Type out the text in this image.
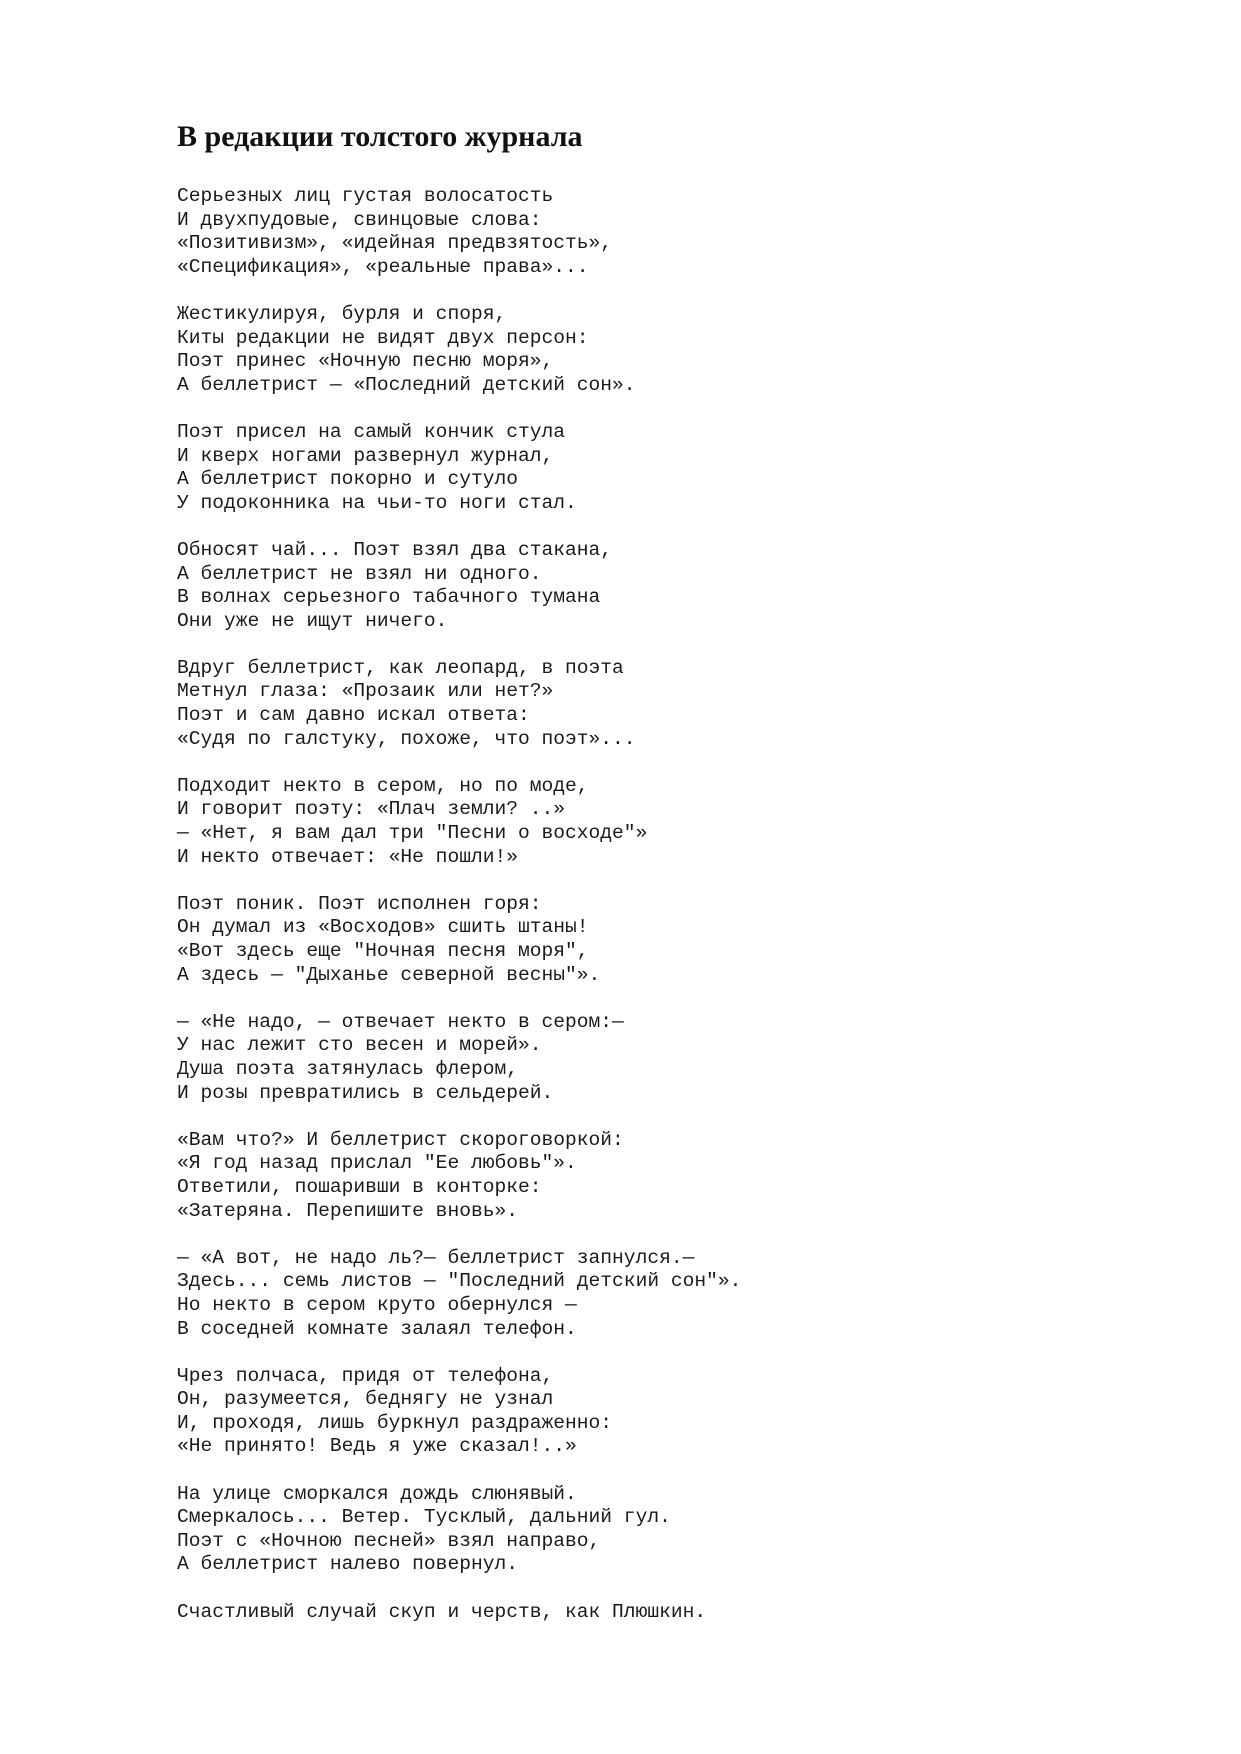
В редакции толстого журнала
Серьезных лиц густая волосатость
И двухпудовые, свинцовые слова:
«Позитивизм», «идейная предвзятость»,
«Спецификация», «реальные права»...
Жестикулируя, бурля и споря,
Киты редакции не видят двух персон:
Поэт принес «Ночную песню моря»,
А беллетрист — «Последний детский сон».
Поэт присел на самый кончик стула
И кверх ногами развернул журнал,
А беллетрист покорно и сутуло
У подоконника на чьи-то ноги стал.
Обносят чай... Поэт взял два стакана,
А беллетрист не взял ни одного.
В волнах серьезного табачного тумана
Они уже не ищут ничего.
Вдруг беллетрист, как леопард, в поэта
Метнул глаза: «Прозаик или нет?»
Поэт и сам давно искал ответа:
«Судя по галстуку, похоже, что поэт»...
Подходит некто в сером, но по моде,
И говорит поэту: «Плач земли? ..»
— «Нет, я вам дал три "Песни о восходе"»
И некто отвечает: «Не пошли!»
Поэт поник. Поэт исполнен горя:
Он думал из «Восходов» сшить штаны!
«Вот здесь еще "Ночная песня моря",
А здесь — "Дыханье северной весны"».
— «Не надо, — отвечает некто в сером:—
У нас лежит сто весен и морей».
Душа поэта затянулась флером,
И розы превратились в сельдерей.
«Вам что?» И беллетрист скороговоркой:
«Я год назад прислал "Ее любовь"».
Ответили, пошаривши в конторке:
«Затеряна. Перепишите вновь».
— «А вот, не надо ль?— беллетрист запнулся.—
Здесь... семь листов — "Последний детский сон"».
Но некто в сером круто обернулся —
В соседней комнате залаял телефон.
Чрез полчаса, придя от телефона,
Он, разумеется, беднягу не узнал
И, проходя, лишь буркнул раздраженно:
«Не принято! Ведь я уже сказал!..»
На улице сморкался дождь слюнявый.
Смеркалось... Ветер. Тусклый, дальний гул.
Поэт с «Ночною песней» взял направо,
А беллетрист налево повернул.
Счастливый случай скуп и черств, как Плюшкин.
